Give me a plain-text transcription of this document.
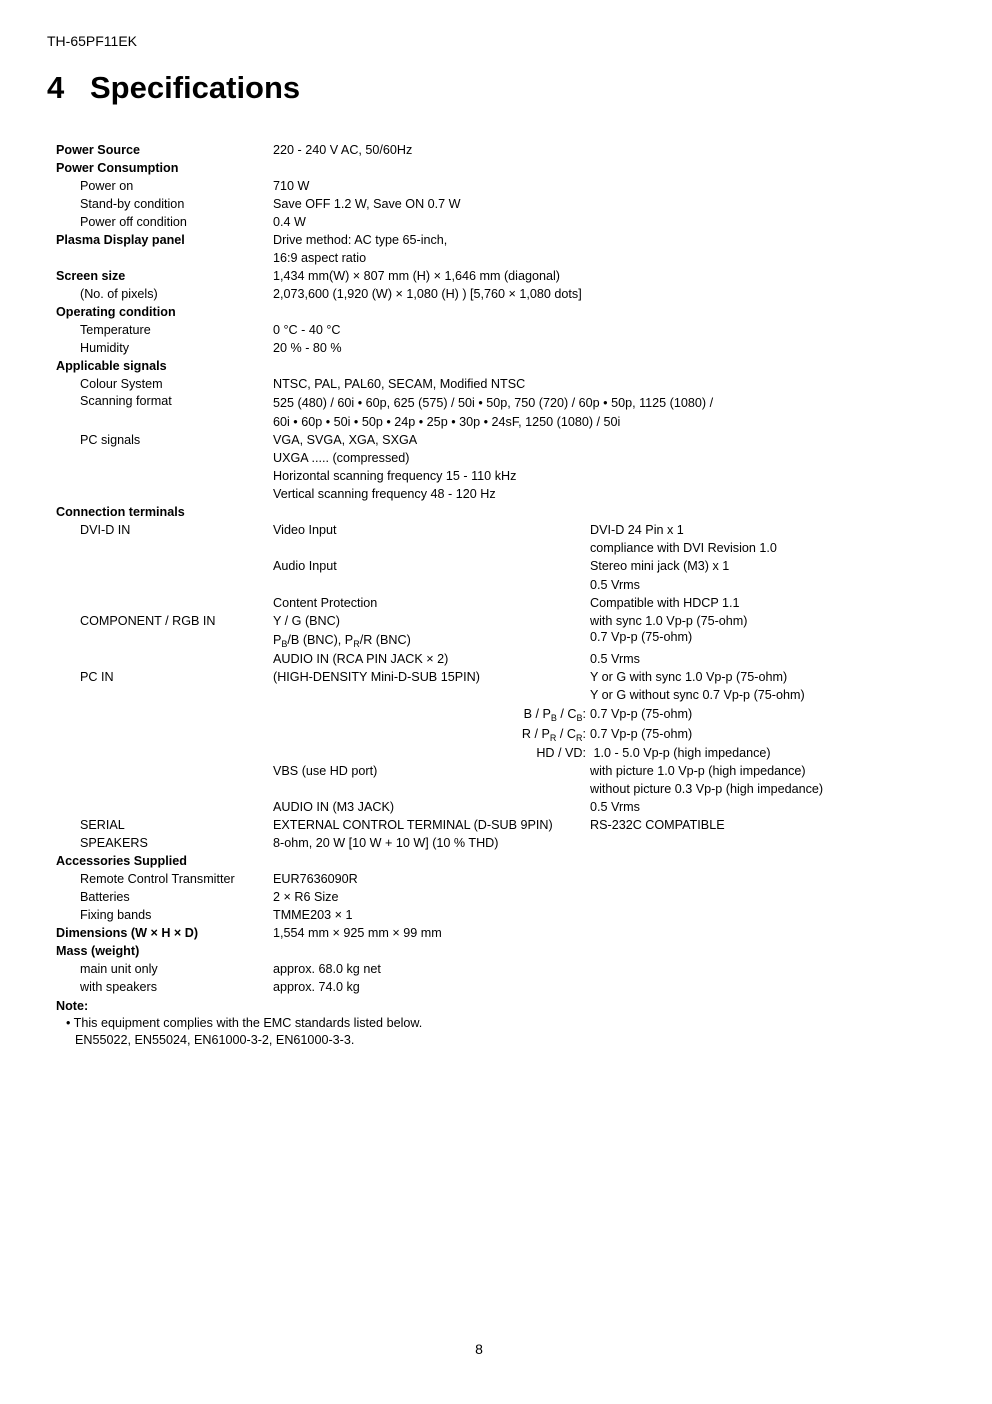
TH-65PF11EK
4 Specifications
Power Source	220 - 240 V AC, 50/60Hz
Power Consumption
Power on	710 W
Stand-by condition	Save OFF 1.2 W, Save ON 0.7 W
Power off condition	0.4 W
Plasma Display panel	Drive method: AC type 65-inch,
16:9 aspect ratio
Screen size	1,434 mm(W) × 807 mm (H) × 1,646 mm (diagonal)
(No. of pixels)	2,073,600 (1,920 (W) × 1,080 (H) ) [5,760 × 1,080 dots]
Operating condition
Temperature	0 °C - 40 °C
Humidity	20 % - 80 %
Applicable signals
Colour System	NTSC, PAL, PAL60, SECAM, Modified NTSC
Scanning format	525 (480) / 60i • 60p, 625 (575) / 50i • 50p, 750 (720) / 60p • 50p, 1125 (1080) /
60i • 60p • 50i • 50p • 24p • 25p • 30p • 24sF, 1250 (1080) / 50i
PC signals	VGA, SVGA, XGA, SXGA
UXGA ..... (compressed)
Horizontal scanning frequency 15 - 110 kHz
Vertical scanning frequency 48 - 120 Hz
Connection terminals
DVI-D IN	Video Input	DVI-D 24 Pin x 1
compliance with DVI Revision 1.0
Audio Input	Stereo mini jack (M3) x 1
0.5 Vrms
Content Protection	Compatible with HDCP 1.1
COMPONENT / RGB IN	Y / G (BNC)	with sync 1.0 Vp-p (75-ohm)
$P_B/B$ (BNC), $P_R/R$ (BNC)	0.7 Vp-p (75-ohm)
AUDIO IN (RCA PIN JACK × 2)	0.5 Vrms
PC IN	(HIGH-DENSITY Mini-D-SUB 15PIN)	Y or G with sync 1.0 Vp-p (75-ohm)
Y or G without sync 0.7 Vp-p (75-ohm)
B / $P_B / C_B$: 0.7 Vp-p (75-ohm)
R / $P_R / C_R$: 0.7 Vp-p (75-ohm)
HD / VD: 1.0 - 5.0 Vp-p (high impedance)
VBS (use HD port)	with picture 1.0 Vp-p (high impedance)
without picture 0.3 Vp-p (high impedance)
AUDIO IN (M3 JACK)	0.5 Vrms
SERIAL	EXTERNAL CONTROL TERMINAL (D-SUB 9PIN)	RS-232C COMPATIBLE
SPEAKERS	8-ohm, 20 W [10 W + 10 W] (10 % THD)
Accessories Supplied
Remote Control Transmitter	EUR7636090R
Batteries	2 × R6 Size
Fixing bands	TMME203 × 1
Dimensions (W × H × D)	1,554 mm × 925 mm × 99 mm
Mass (weight)
main unit only	approx. 68.0 kg net
with speakers	approx. 74.0 kg
Note:
• This equipment complies with the EMC standards listed below.
EN55022, EN55024, EN61000-3-2, EN61000-3-3.
8
